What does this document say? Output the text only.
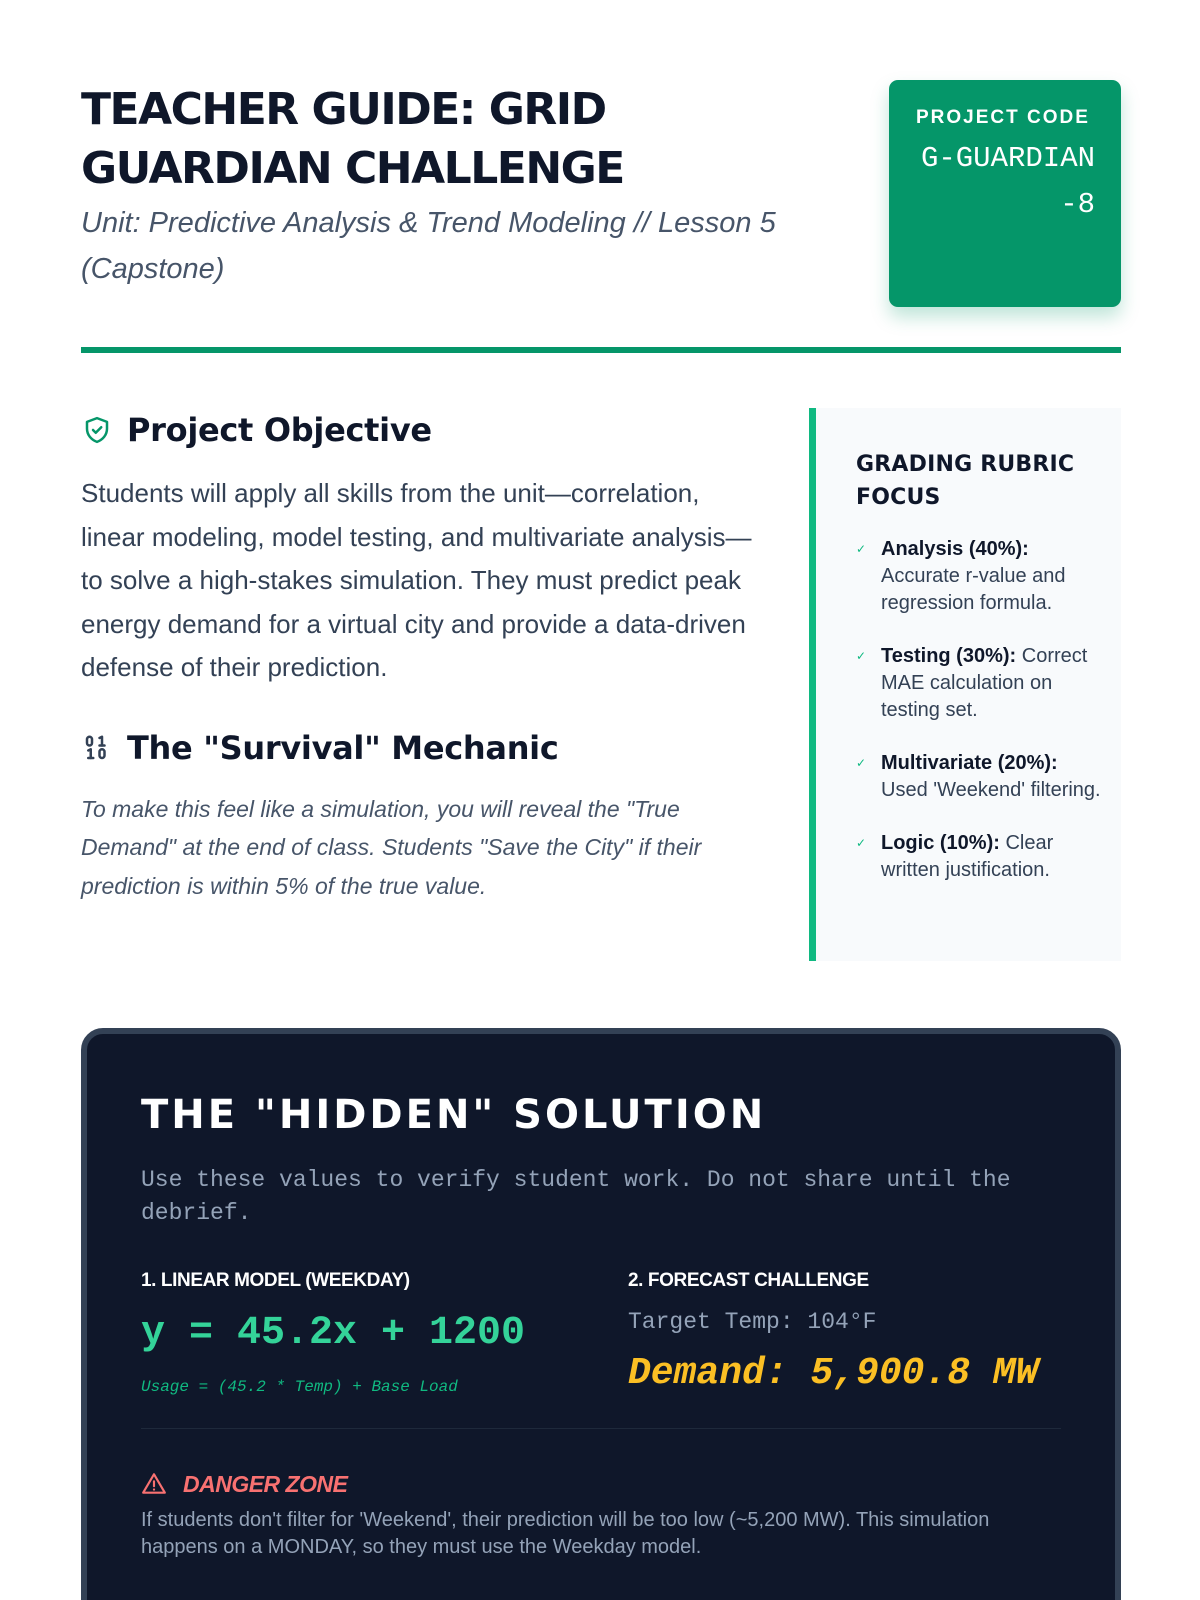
TEACHER GUIDE: GRID GUARDIAN CHALLENGE

Unit: Predictive Analysis & Trend Modeling // Lesson 5 (Capstone)

PROJECT CODE
G-GUARDIAN-8
Project Objective

Students will apply all skills from the unit—correlation, linear modeling, model testing, and multivariate analysis—to solve a high-stakes simulation. They must predict peak energy demand for a virtual city and provide a data-driven defense of their prediction.

The "Survival" Mechanic

To make this feel like a simulation, you will reveal the "True Demand" at the end of class. Students "Save the City" if their prediction is within 5% of the true value.

GRADING RUBRIC FOCUS
✓ Analysis (40%): Accurate r-value and regression formula.
✓ Testing (30%): Correct MAE calculation on testing set.
✓ Multivariate (20%): Used 'Weekend' filtering.
✓ Logic (10%): Clear written justification.
THE "HIDDEN" SOLUTION

Use these values to verify student work. Do not share until the debrief.

1. LINEAR MODEL (WEEKDAY)
y = 45.2x + 1200
Usage = (45.2 * Temp) + Base Load
2. FORECAST CHALLENGE
Target Temp: 104°F
Demand: 5,900.8 MW
DANGER ZONE

If students don't filter for 'Weekend', their prediction will be too low (~5,200 MW). This simulation happens on a MONDAY, so they must use the Weekday model.
